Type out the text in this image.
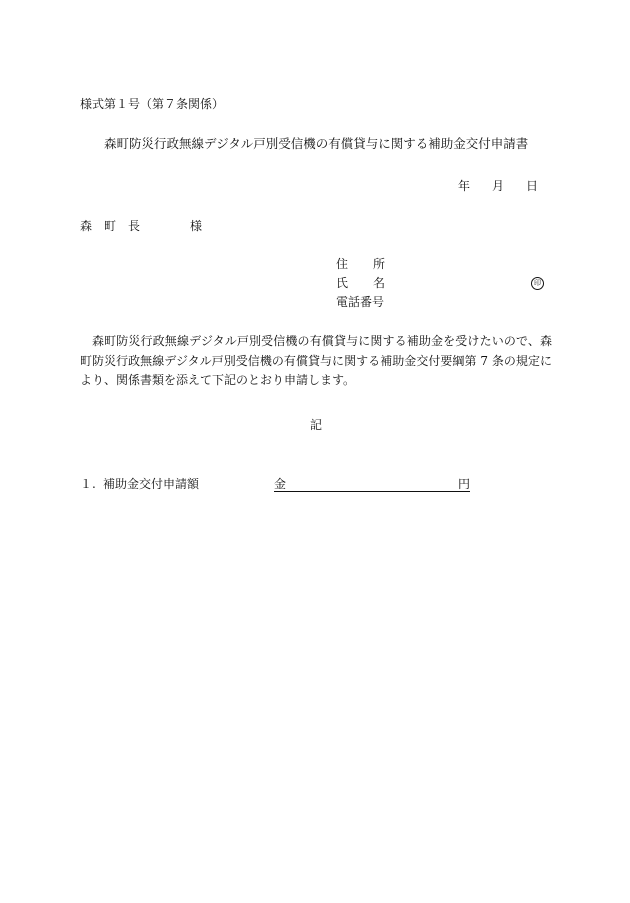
様式第１号（第７条関係）
森町防災行政無線デジタル戸別受信機の有償貸与に関する補助金交付申請書
年 月 日
森 町 長	様
住 所
氏 名	印
電話番号
森町防災行政無線デジタル戸別受信機の有償貸与に関する補助金を受けたいので、森町防災行政無線デジタル戸別受信機の有償貸与に関する補助金交付要綱第 7 条の規定により、関係書類を添えて下記のとおり申請します。
記
１. 補助金交付申請額	金	円
